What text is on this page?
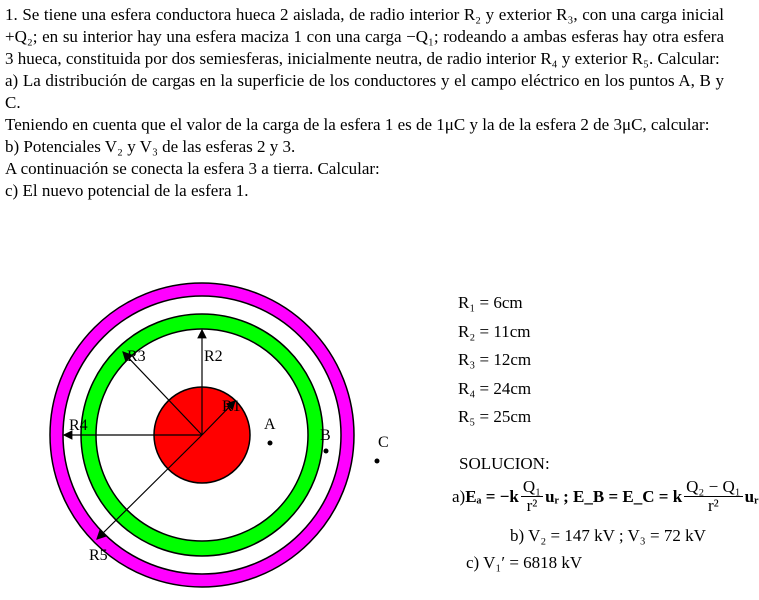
1. Se tiene una esfera conductora hueca 2 aislada, de radio interior R₂ y exterior R₃, con una carga inicial +Q₂; en su interior hay una esfera maciza 1 con una carga −Q₁; rodeando a ambas esferas hay otra esfera 3 hueca, constituida por dos semiesferas, inicialmente neutra, de radio interior R₄ y exterior R₅. Calcular:

a) La distribución de cargas en la superficie de los conductores y el campo eléctrico en los puntos A, B y C.

Teniendo en cuenta que el valor de la carga de la esfera 1 es de 1μC y la de la esfera 2 de 3μC, calcular:

b) Potenciales V₂ y V₃ de las esferas 2 y 3.

A continuación se conecta la esfera 3 a tierra. Calcular:

c) El nuevo potencial de la esfera 1.

R1
R2
R3
R4
R5
A
B	C
R₁ = 6cm
R₂ = 11cm
R₃ = 12cm
R₄ = 24cm
R₅ = 25cm
SOLUCION:
a) $E_a = -k \frac{\text{Q₁}}{\text{r²}}$ uᵣ ;
E_B = E_C = k $\frac{\text{Q₂ − Q₁}}{\text{r²}}$ uᵣ
b) V₂ = 147 kV ; V₃ = 72 kV
c) V₁′ = 6818 kV
